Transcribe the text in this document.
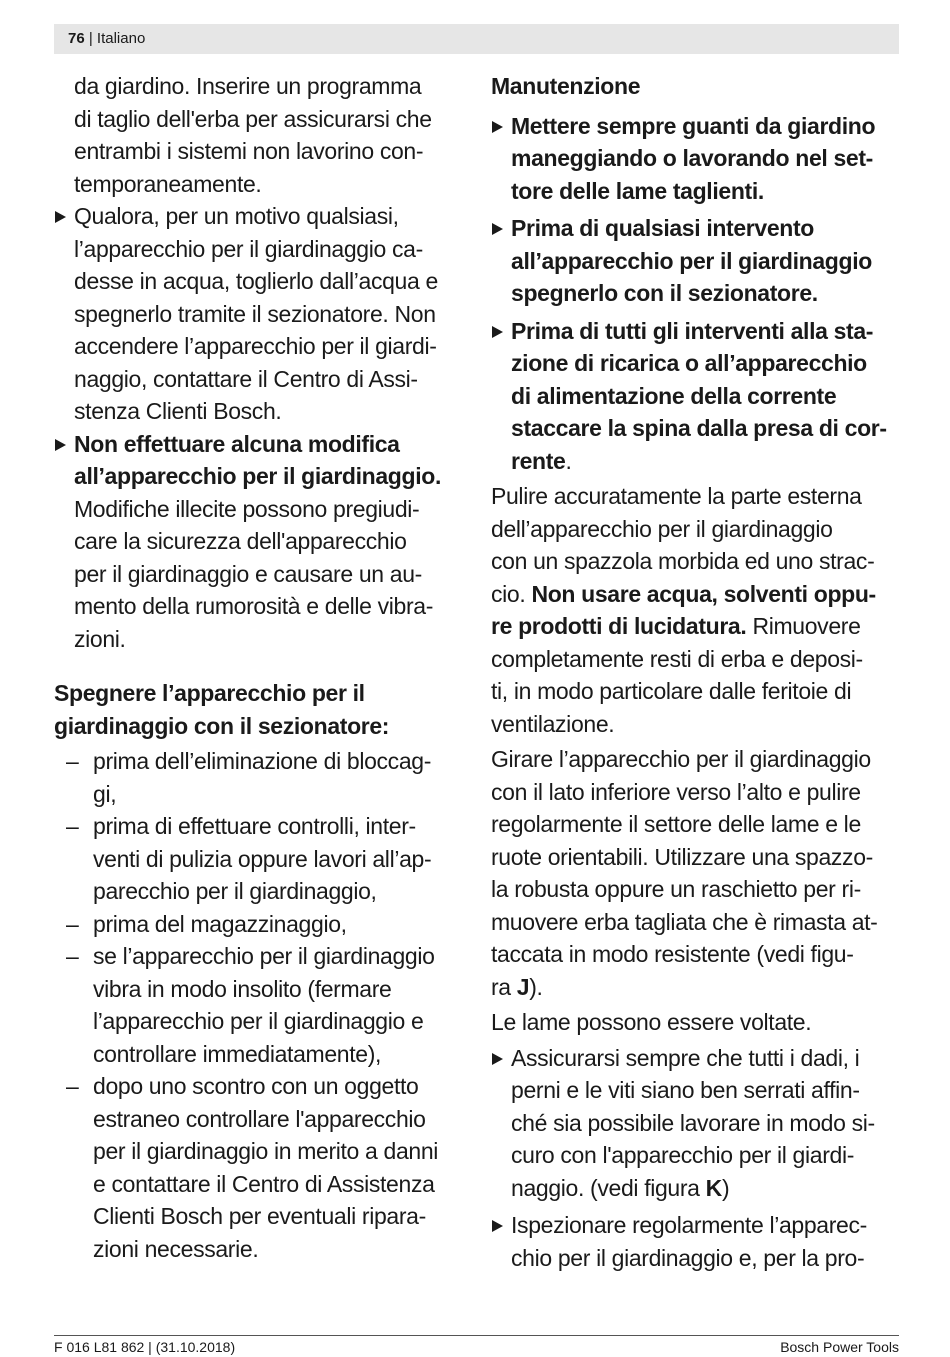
76 | Italiano
da giardino. Inserire un programma
di taglio dell'erba per assicurarsi che
entrambi i sistemi non lavorino con-
temporaneamente.
Qualora, per un motivo qualsiasi,
l’apparecchio per il giardinaggio ca-
desse in acqua, toglierlo dall’acqua e
spegnerlo tramite il sezionatore. Non
accendere l’apparecchio per il giardi-
naggio, contattare il Centro di Assi-
stenza Clienti Bosch.
Non effettuare alcuna modifica
all’apparecchio per il giardinaggio.
Modifiche illecite possono pregiudi-
care la sicurezza dell'apparecchio
per il giardinaggio e causare un au-
mento della rumorosità e delle vibra-
zioni.
Spegnere l’apparecchio per il
giardinaggio con il sezionatore:
– prima dell’eliminazione di bloccag-
gi,
– prima di effettuare controlli, inter-
venti di pulizia oppure lavori all’ap-
parecchio per il giardinaggio,
– prima del magazzinaggio,
– se l’apparecchio per il giardinaggio
vibra in modo insolito (fermare
l’apparecchio per il giardinaggio e
controllare immediatamente),
– dopo uno scontro con un oggetto
estraneo controllare l'apparecchio
per il giardinaggio in merito a danni
e contattare il Centro di Assistenza
Clienti Bosch per eventuali ripara-
zioni necessarie.
Manutenzione
Mettere sempre guanti da giardino
maneggiando o lavorando nel set-
tore delle lame taglienti.
Prima di qualsiasi intervento
all’apparecchio per il giardinaggio
spegnerlo con il sezionatore.
Prima di tutti gli interventi alla sta-
zione di ricarica o all’apparecchio
di alimentazione della corrente
staccare la spina dalla presa di cor-
rente.
Pulire accuratamente la parte esterna
dell’apparecchio per il giardinaggio
con un spazzola morbida ed uno strac-
cio. Non usare acqua, solventi oppu-
re prodotti di lucidatura. Rimuovere
completamente resti di erba e deposi-
ti, in modo particolare dalle feritoie di
ventilazione.
Girare l’apparecchio per il giardinaggio
con il lato inferiore verso l’alto e pulire
regolarmente il settore delle lame e le
ruote orientabili. Utilizzare una spazzo-
la robusta oppure un raschietto per ri-
muovere erba tagliata che è rimasta at-
taccata in modo resistente (vedi figu-
ra J).
Le lame possono essere voltate.
Assicurarsi sempre che tutti i dadi, i
perni e le viti siano ben serrati affin-
ché sia possibile lavorare in modo si-
curo con l'apparecchio per il giardi-
naggio. (vedi figura K)
Ispezionare regolarmente l’apparec-
chio per il giardinaggio e, per la pro-
F 016 L81 862 | (31.10.2018)	Bosch Power Tools
